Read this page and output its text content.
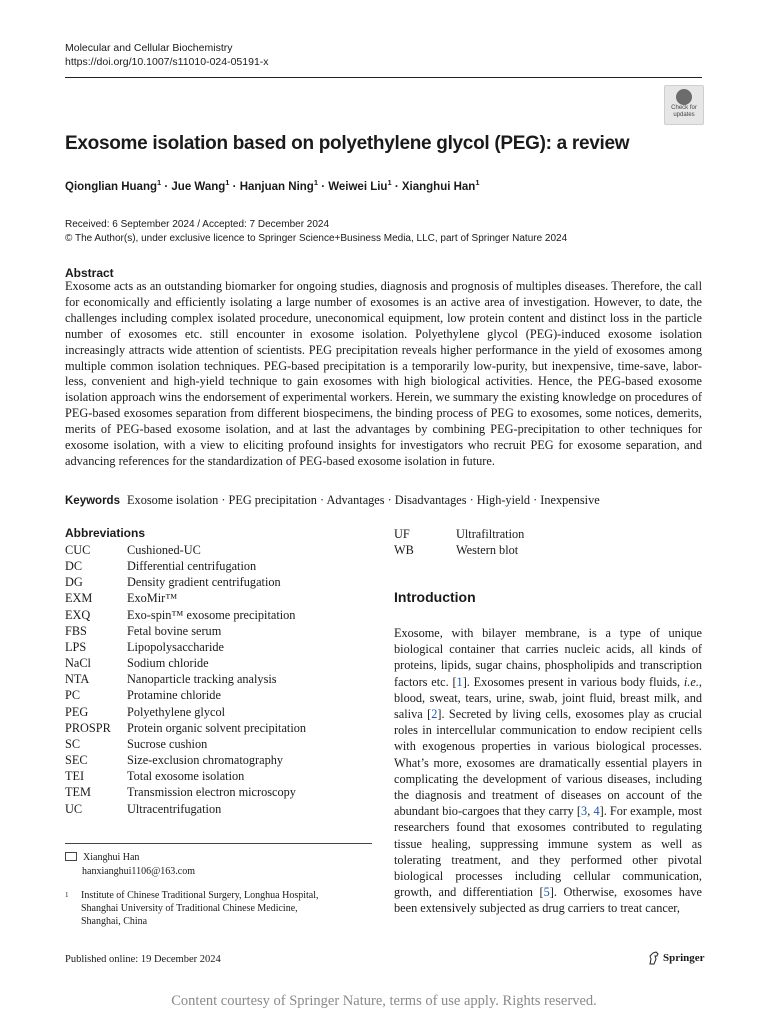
Molecular and Cellular Biochemistry
https://doi.org/10.1007/s11010-024-05191-x
Check for
updates
Exosome isolation based on polyethylene glycol (PEG): a review
Qionglian Huang$^1$ · Jue Wang$^1$ · Hanjuan Ning$^1$ · Weiwei Liu$^1$ · Xianghui Han$^1$
Received: 6 September 2024 / Accepted: 7 December 2024
© The Author(s), under exclusive licence to Springer Science+Business Media, LLC, part of Springer Nature 2024
Abstract
Exosome acts as an outstanding biomarker for ongoing studies, diagnosis and prognosis of multiples diseases. Therefore, the call for economically and efficiently isolating a large number of exosomes is an active area of investigation. However, to date, the challenges including complex isolated procedure, uneconomical equipment, low protein content and distinct loss in the particle number of exosomes etc. still encounter in exosome isolation. Polyethylene glycol (PEG)-induced exosome isolation increasingly attracts wide attention of scientists. PEG precipitation reveals higher performance in the yield of exosomes among multiple common isolation techniques. PEG-based precipitation is a temporarily low-purity, but inexpensive, time-save, labor-less, convenient and high-yield technique to gain exosomes with high biological activities. Hence, the PEG-based exosome isolation approach wins the endorsement of experimental workers. Herein, we summary the existing knowledge on procedures of PEG-based exosomes separation from different biospecimens, the binding process of PEG to exosomes, some notices, demerits, merits of PEG-based exosome isolation, and at last the advantages by combining PEG-precipitation to other techniques for exosome isolation, with a view to eliciting profound insights for investigators who recruit PEG for exosome separation, and advancing references for the standardization of PEG-based exosome isolation in future.
Keywords Exosome isolation · PEG precipitation · Advantages · Disadvantages · High-yield · Inexpensive
Abbreviations
CUC	Cushioned-UC
DC	Differential centrifugation
DG	Density gradient centrifugation
EXM	ExoMir™
EXQ	Exo-spin™ exosome precipitation
FBS	Fetal bovine serum
LPS	Lipopolysaccharide
NaCl	Sodium chloride
NTA	Nanoparticle tracking analysis
PC	Protamine chloride
PEG	Polyethylene glycol
PROSPR	Protein organic solvent precipitation
SC	Sucrose cushion
SEC	Size-exclusion chromatography
TEI	Total exosome isolation
TEM	Transmission electron microscopy
UC	Ultracentrifugation
UF	Ultrafiltration
WB	Western blot
Introduction
Exosome, with bilayer membrane, is a type of unique biological container that carries nucleic acids, all kinds of proteins, lipids, sugar chains, phospholipids and transcription factors etc. [1]. Exosomes present in various body fluids, i.e., blood, sweat, tears, urine, swab, joint fluid, breast milk, and saliva [2]. Secreted by living cells, exosomes play as crucial roles in intercellular communication to endow recipient cells with exogenous properties in various biological processes. What’s more, exosomes are dramatically essential players in complicating the development of various diseases, including the diagnosis and treatment of diseases on account of the abundant bio-cargoes that they carry [3, 4]. For example, most researchers found that exosomes contributed to regulating tissue healing, suppressing immune system as well as tolerating treatment, and they performed other pivotal biological processes including cellular communication, growth, and differentiation [5]. Otherwise, exosomes have been extensively subjected as drug carriers to treat cancer,
Xianghui Han
hanxianghui1106@163.com
1	Institute of Chinese Traditional Surgery, Longhua Hospital,
Shanghai University of Traditional Chinese Medicine,
Shanghai, China
Published online: 19 December 2024	Springer
Content courtesy of Springer Nature, terms of use apply. Rights reserved.
